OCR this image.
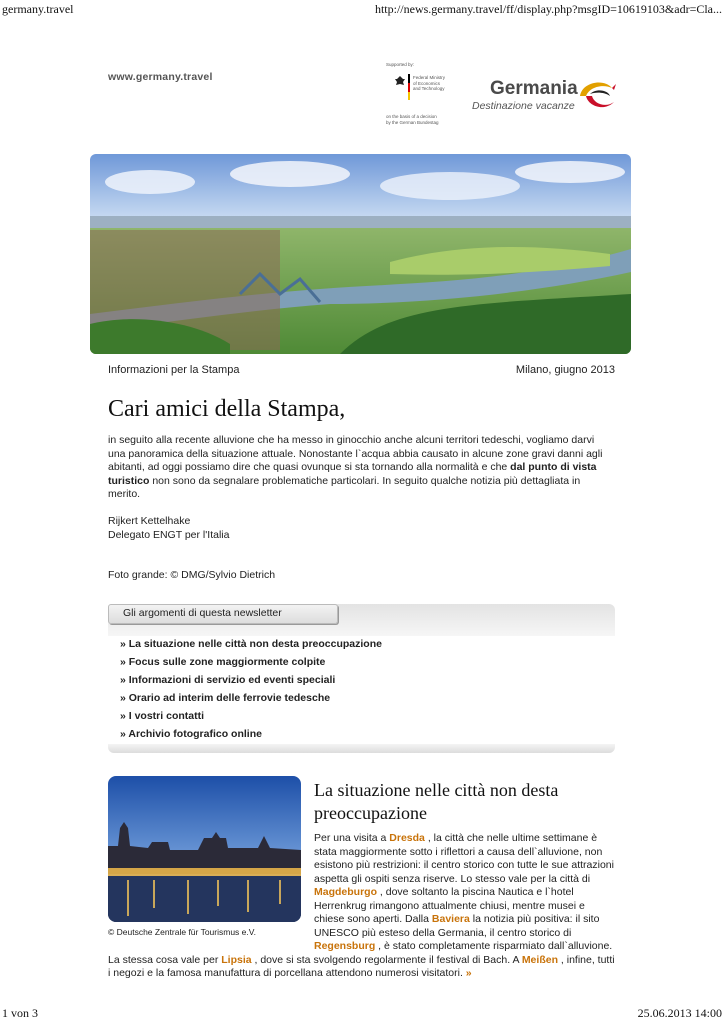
germany.travel	http://news.germany.travel/ff/display.php?msgID=10619103&adr=Cla...
1 von 3	25.06.2013 14:00
www.germany.travel
Supported by:
Federal Ministry
of Economics
and Technology
on the basis of a decision
by the German Bundestag
Germania
Destinazione vacanze
Informazioni per la Stampa	Milano, giugno 2013
Cari amici della Stampa,
in seguito alla recente alluvione che ha messo in ginocchio anche alcuni territori tedeschi, vogliamo darvi una panoramica della situazione attuale. Nonostante l`acqua abbia causato in alcune zone gravi danni agli abitanti, ad oggi possiamo dire che quasi ovunque si sta tornando alla normalità e che dal punto di vista turistico non sono da segnalare problematiche particolari. In seguito qualche notizia più dettagliata in merito.
Rijkert Kettelhake
Delegato ENGT per l'Italia
Foto grande: © DMG/Sylvio Dietrich
Gli argomenti di questa newsletter
» La situazione nelle città non desta preoccupazione
» Focus sulle zone maggiormente colpite
» Informazioni di servizio ed eventi speciali
» Orario ad interim delle ferrovie tedesche
» I vostri contatti
» Archivio fotografico online
© Deutsche Zentrale für Tourismus e.V.
La situazione nelle città non desta preoccupazione
Per una visita a Dresda , la città che nelle ultime settimane è stata maggiormente sotto i riflettori a causa dell`alluvione, non esistono più restrizioni: il centro storico con tutte le sue attrazioni aspetta gli ospiti senza riserve. Lo stesso vale per la città di Magdeburgo , dove soltanto la piscina Nautica e l`hotel Herrenkrug rimangono attualmente chiusi, mentre musei e chiese sono aperti. Dalla Baviera la notizia più positiva: il sito UNESCO più esteso della Germania, il centro storico di Regensburg , è stato completamente risparmiato dall`alluvione. La stessa cosa vale per Lipsia , dove si sta svolgendo regolarmente il festival di Bach. A Meißen , infine, tutti i negozi e la famosa manufattura di porcellana attendono numerosi visitatori. »
